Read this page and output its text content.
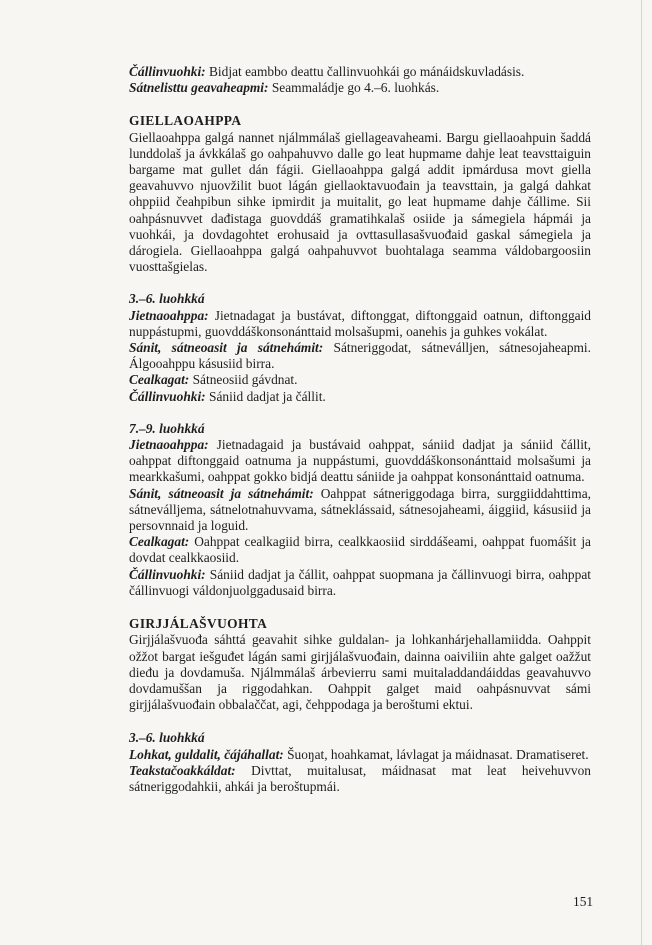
Čállinvuohki: Bidjat eambbo deattu čallinvuohkái go mánáidskuvladásis.

Sátnelisttu geavaheapmi: Seammaládje go 4.–6. luohkás.

GIELLAOAHPPA

Giellaoahppa galgá nannet njálmmálaš giellageavaheami. Bargu giellaoahpuin šaddá lunddolaš ja ávkkálaš go oahpahuvvo dalle go leat hupmame dahje leat teavsttaiguin bargame mat gullet dán fágii. Giellaoahppa galgá addit ipmárdusa movt giella geavahuvvo njuovžilit buot lágán giellaoktavuođain ja teavsttain, ja galgá dahkat ohppiid čeahpibun sihke ipmirdit ja muitalit, go leat hupmame dahje čállime. Sii oahpásnuvvet dađistaga guovddáš gramatihkalaš osiide ja sámegiela hápmái ja vuohkái, ja dovdagohtet erohusaid ja ovttasullasašvuođaid gaskal sámegiela ja dárogiela. Giellaoahppa galgá oahpahuvvot buohtalaga seamma váldobargoosiin vuosttašgielas.

3.–6. luohkká

Jietnaoahppa: Jietnadagat ja bustávat, diftonggat, diftonggaid oatnun, diftonggaid nuppástupmi, guovddáškonsonánttaid molsašupmi, oanehis ja guhkes vokálat.

Sánit, sátneoasit ja sátnehámit: Sátneriggodat, sátneválljen, sátnesojaheapmi. Álgooahppu kásusiid birra.

Cealkagat: Sátneosiid gávdnat.

Čállinvuohki: Sániid dadjat ja čállit.

7.–9. luohkká

Jietnaoahppa: Jietnadagaid ja bustávaid oahppat, sániid dadjat ja sániid čállit, oahppat diftonggaid oatnuma ja nuppástumi, guovddáškonsonánttaid molsašumi ja mearkkašumi, oahppat gokko bidjá deattu sániide ja oahppat konsonánttaid oatnuma.

Sánit, sátneoasit ja sátnehámit: Oahppat sátneriggodaga birra, surggiiddahttima, sátneválljema, sátnelotnahuvvama, sátneklássaid, sátnesojaheami, áiggiid, kásusiid ja persovnnaid ja loguid.

Cealkagat: Oahppat cealkagiid birra, cealkkaosiid sirddášeami, oahppat fuomášit ja dovdat cealkkaosiid.

Čállinvuohki: Sániid dadjat ja čállit, oahppat suopmana ja čállinvuogi birra, oahppat čállinvuogi váldonjuolggadusaid birra.

GIRJJÁLAŠVUOHTA

Girjjálašvuođa sáhttá geavahit sihke guldalan- ja lohkanhárjehallamiidda. Oahppit ožžot bargat iešguđet lágán sami girjjálašvuođain, dainna oaiviliin ahte galget oažžut dieđu ja dovdamuša. Njálmmálaš árbevierru sami muitaladdandáiddas geavahuvvo dovdamuššan ja riggodahkan. Oahppit galget maid oahpásnuvvat sámi girjjálašvuođain obbalaččat, agi, čehppodaga ja beroštumi ektui.

3.–6. luohkká

Lohkat, guldalit, čájáhallat: Šuoŋat, hoahkamat, lávlagat ja máidnasat. Dramatiseret.

Teakstačoakkáldat: Divttat, muitalusat, máidnasat mat leat heivehuvvon sátneriggodahkii, ahkái ja beroštupmái.

151
